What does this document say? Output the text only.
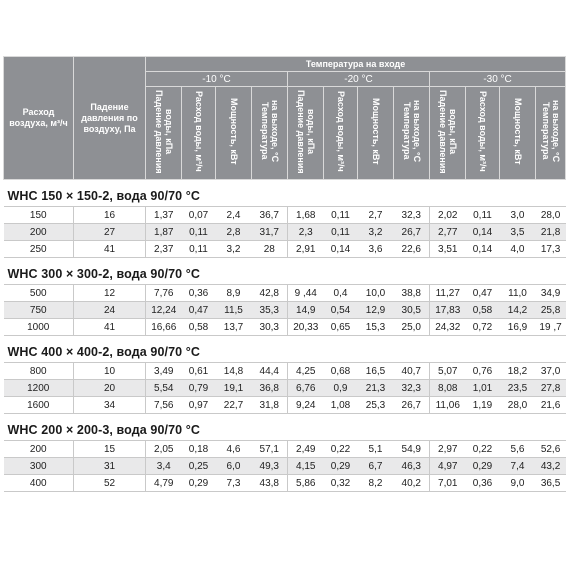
Расход воздуха, м³/ч	Падение давления по воздуху, Па	Температура на входе											
		-10 °С				-20 °С				-30 °С			

		Падение давления воды, кПа	Расход воды, м³/ч	Мощность, кВт	Температура на выходе, °С	Падение давления воды, кПа	Расход воды, м³/ч	Мощность, кВт	Температура на выходе, °С	Падение давления воды, кПа	Расход воды, м³/ч	Мощность, кВт	Температура на выходе, °С

WHC 150 × 150-2, вода 90/70 °C													
150	16	1,37	0,07	2,4	36,7	1,68	0,11	2,7	32,3	2,02	0,11	3,0	28,0
200	27	1,87	0,11	2,8	31,7	2,3	0,11	3,2	26,7	2,77	0,14	3,5	21,8
250	41	2,37	0,11	3,2	28	2,91	0,14	3,6	22,6	3,51	0,14	4,0	17,3
WHC 300 × 300-2, вода 90/70 °C													
500	12	7,76	0,36	8,9	42,8	9 ,44	0,4	10,0	38,8	11,27	0,47	11,0	34,9
750	24	12,24	0,47	11,5	35,3	14,9	0,54	12,9	30,5	17,83	0,58	14,2	25,8
1000	41	16,66	0,58	13,7	30,3	20,33	0,65	15,3	25,0	24,32	0,72	16,9	19 ,7
WHC 400 × 400-2, вода 90/70 °C													
800	10	3,49	0,61	14,8	44,4	4,25	0,68	16,5	40,7	5,07	0,76	18,2	37,0
1200	20	5,54	0,79	19,1	36,8	6,76	0,9	21,3	32,3	8,08	1,01	23,5	27,8
1600	34	7,56	0,97	22,7	31,8	9,24	1,08	25,3	26,7	11,06	1,19	28,0	21,6
WHC 200 × 200-3, вода 90/70 °C													
200	15	2,05	0,18	4,6	57,1	2,49	0,22	5,1	54,9	2,97	0,22	5,6	52,6
300	31	3,4	0,25	6,0	49,3	4,15	0,29	6,7	46,3	4,97	0,29	7,4	43,2
400	52	4,79	0,29	7,3	43,8	5,86	0,32	8,2	40,2	7,01	0,36	9,0	36,5
